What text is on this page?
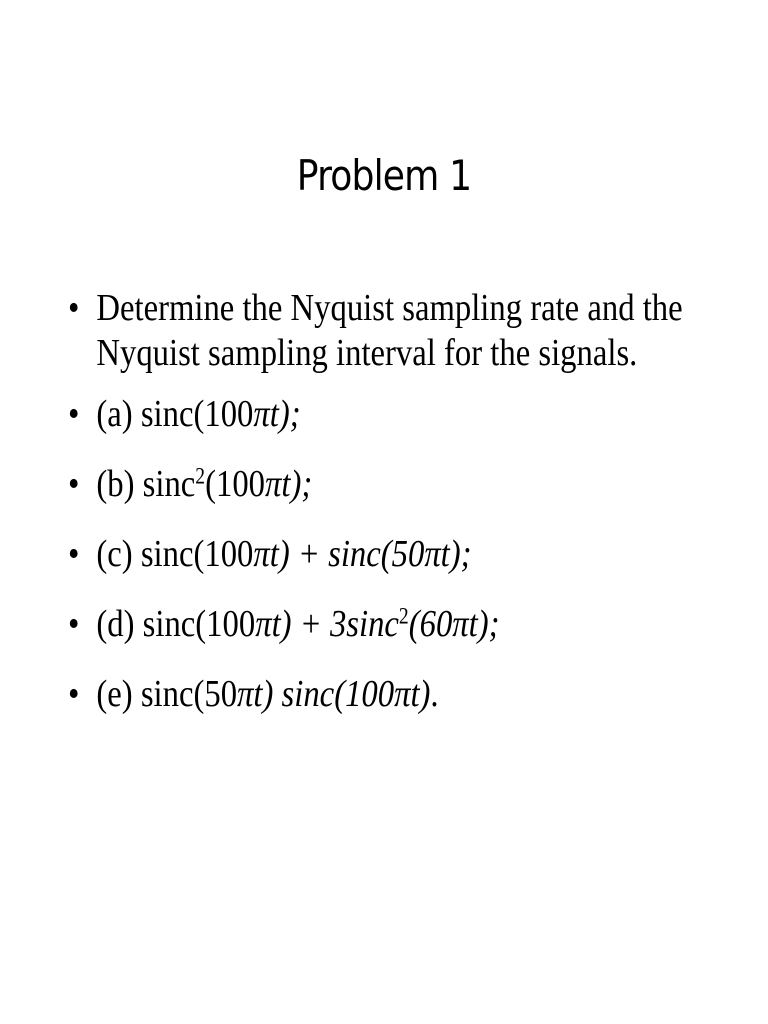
Problem 1
• Determine the Nyquist sampling rate and the
Nyquist sampling interval for the signals.
• (a) sinc(100πt);
• (b) sinc$^2$(100πt);
• (c) sinc(100πt) + sinc(50πt);
• (d) sinc(100πt) + 3sinc$^2$(60πt);
• (e) sinc(50πt) sinc(100πt).
